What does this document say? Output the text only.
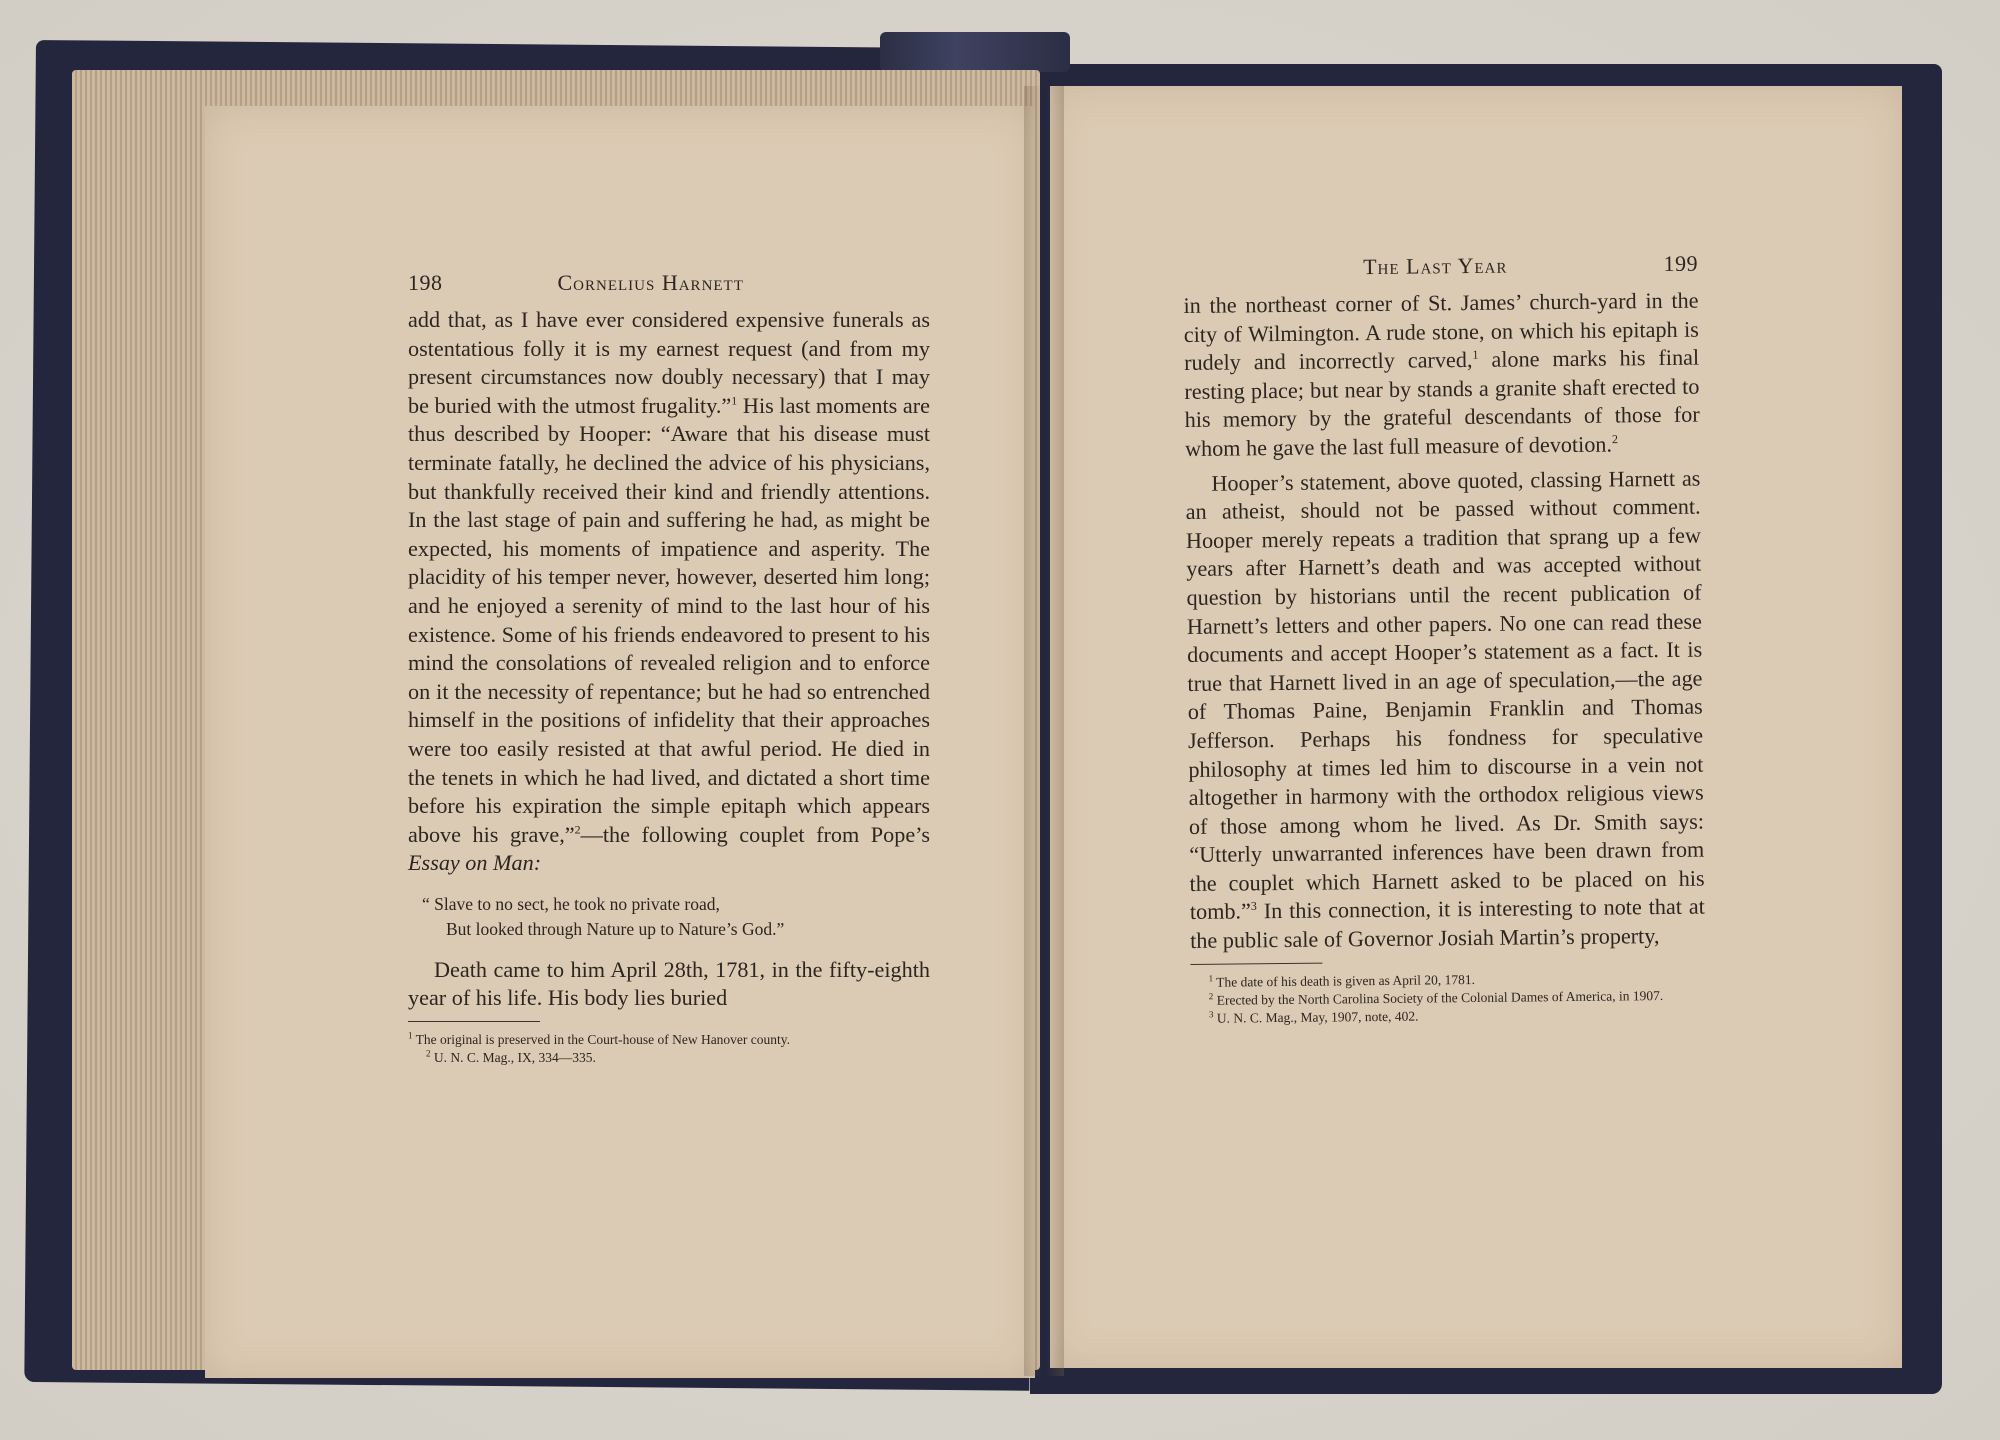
198	Cornelius Harnett

add that, as I have ever considered expensive funerals as ostentatious folly it is my earnest request (and from my present circumstances now doubly necessary) that I may be buried with the utmost frugality.”$^1$ His last moments are thus described by Hooper: “Aware that his disease must terminate fatally, he declined the advice of his physicians, but thankfully received their kind and friendly attentions. In the last stage of pain and suffering he had, as might be expected, his moments of impatience and asperity. The placidity of his temper never, however, deserted him long; and he enjoyed a serenity of mind to the last hour of his existence. Some of his friends endeavored to present to his mind the consolations of revealed religion and to enforce on it the necessity of repentance; but he had so entrenched himself in the positions of infidelity that their approaches were too easily resisted at that awful period. He died in the tenets in which he had lived, and dictated a short time before his expiration the simple epitaph which appears above his grave,”$^2$—the following couplet from Pope’s Essay on Man:

“ Slave to no sect, he took no private road,
But looked through Nature up to Nature’s God.”

Death came to him April 28th, 1781, in the fifty-eighth year of his life. His body lies buried

$^1$ The original is preserved in the Court-house of New Hanover county.
$^2$ U. N. C. Mag., IX, 334—335.
The Last Year	199

in the northeast corner of St. James’ church-yard in the city of Wilmington. A rude stone, on which his epitaph is rudely and incorrectly carved,$^1$ alone marks his final resting place; but near by stands a granite shaft erected to his memory by the grateful descendants of those for whom he gave the last full measure of devotion.$^2$

Hooper’s statement, above quoted, classing Harnett as an atheist, should not be passed without comment. Hooper merely repeats a tradition that sprang up a few years after Harnett’s death and was accepted without question by historians until the recent publication of Harnett’s letters and other papers. No one can read these documents and accept Hooper’s statement as a fact. It is true that Harnett lived in an age of speculation,—the age of Thomas Paine, Benjamin Franklin and Thomas Jefferson. Perhaps his fondness for speculative philosophy at times led him to discourse in a vein not altogether in harmony with the orthodox religious views of those among whom he lived. As Dr. Smith says: “Utterly unwarranted inferences have been drawn from the couplet which Harnett asked to be placed on his tomb.”$^3$ In this connection, it is interesting to note that at the public sale of Governor Josiah Martin’s property,

$^1$ The date of his death is given as April 20, 1781.
$^2$ Erected by the North Carolina Society of the Colonial Dames of America, in 1907.
$^3$ U. N. C. Mag., May, 1907, note, 402.
